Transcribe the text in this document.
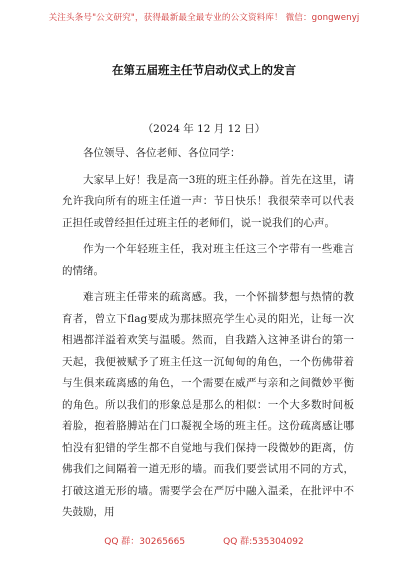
关注头条号"公文研究"，获得最新最全最专业的公文资料库！ 微信：gongwenyj
在第五届班主任节启动仪式上的发言
（2024 年 12 月 12 日）

各位领导、各位老师、各位同学：

大家早上好！我是高一3班的班主任孙静。首先在这里，请允许我向所有的班主任道一声：节日快乐！我很荣幸可以代表正担任或曾经担任过班主任的老师们，说一说我们的心声。

作为一个年轻班主任，我对班主任这三个字带有一些难言的情绪。

难言班主任带来的疏离感。我，一个怀揣梦想与热情的教育者，曾立下flag要成为那抹照亮学生心灵的阳光，让每一次相遇都洋溢着欢笑与温暖。然而，自我踏入这神圣讲台的第一天起，我便被赋予了班主任这一沉甸甸的角色，一个伤佛带着与生俱来疏离感的角色，一个需要在威严与亲和之间微妙平衡的角色。所以我们的形象总是那么的相似：一个大多数时间板着脸，抱着胳膊站在门口凝视全场的班主任。这份疏离感让哪怕没有犯错的学生都不自觉地与我们保持一段微妙的距离，仿佛我们之间隔着一道无形的墙。而我们要尝试用不同的方式，打破这道无形的墙。需要学会在严厉中融入温柔，在批评中不失鼓励，用

QQ 群：30265665	QQ 群:535304092
